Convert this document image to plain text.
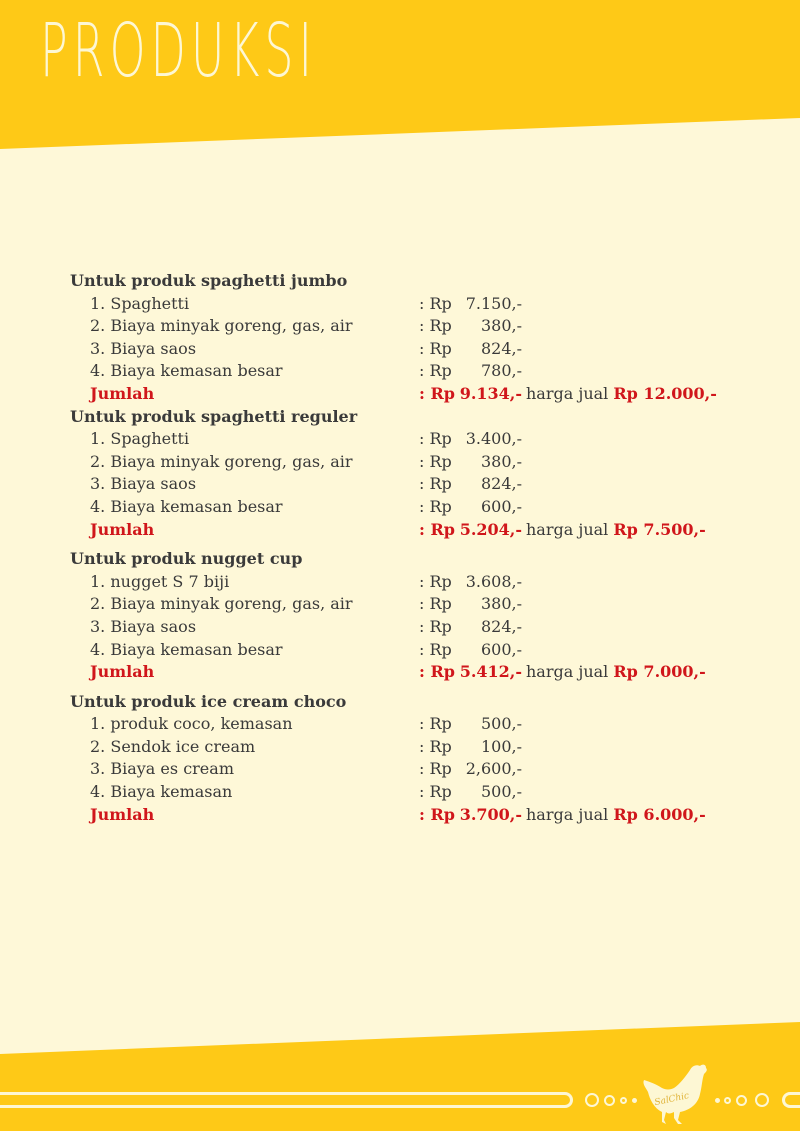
PRODUKSI
Untuk produk spaghetti jumbo
1. Spaghetti	: Rp 7.150,-
2. Biaya minyak goreng, gas, air	: Rp	380,-
3. Biaya saos	: Rp	824,-
4. Biaya kemasan besar	: Rp	780,-
Jumlah	: Rp 9.134,- harga jual Rp 12.000,-
Untuk produk spaghetti reguler
1. Spaghetti	: Rp 3.400,-
2. Biaya minyak goreng, gas, air	: Rp	380,-
3. Biaya saos	: Rp	824,-
4. Biaya kemasan besar	: Rp	600,-
Jumlah	: Rp 5.204,- harga jual Rp 7.500,-
Untuk produk nugget cup
1. nugget S 7 biji	: Rp 3.608,-
2. Biaya minyak goreng, gas, air	: Rp	380,-
3. Biaya saos	: Rp	824,-
4. Biaya kemasan besar	: Rp	600,-
Jumlah	: Rp 5.412,- harga jual Rp 7.000,-
Untuk produk ice cream choco
1. produk coco, kemasan	: Rp	500,-
2. Sendok ice cream	: Rp	100,-
3. Biaya es cream	: Rp 2,600,-
4. Biaya kemasan	: Rp	500,-
Jumlah	: Rp 3.700,- harga jual Rp 6.000,-
SalChic
